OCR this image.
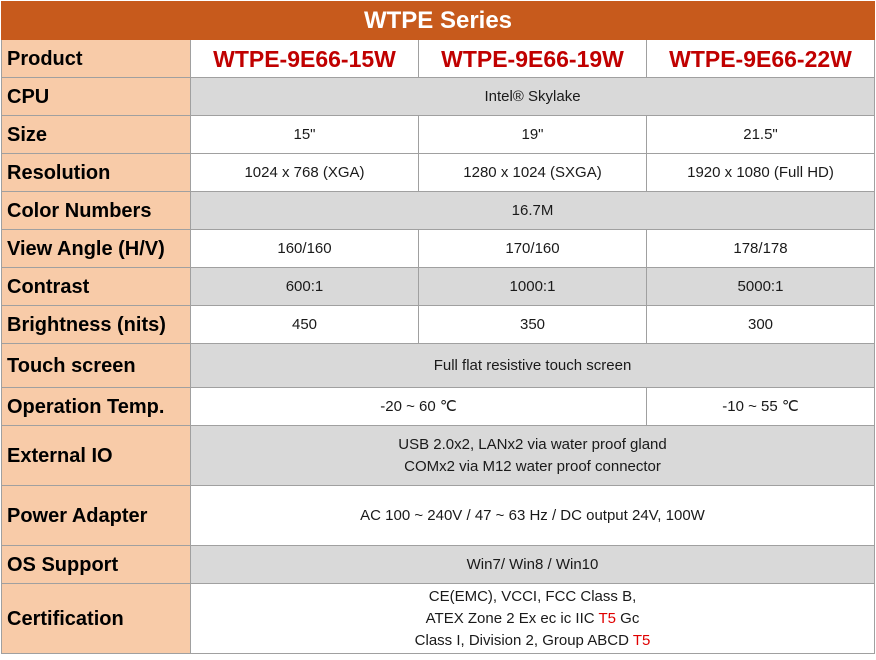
WTPE Series			
Product	WTPE-9E66-15W	WTPE-9E66-19W	WTPE-9E66-22W
CPU	Intel® Skylake		
Size	15"	19"	21.5"
Resolution	1024 x 768 (XGA)	1280 x 1024 (SXGA)	1920 x 1080 (Full HD)
Color Numbers	16.7M		
View Angle (H/V)	160/160	170/160	178/178
Contrast	600:1	1000:1	5000:1
Brightness (nits)	450	350	300
Touch screen	Full flat resistive touch screen		
Operation Temp.	-20 ~ 60 ℃		-10 ~ 55 ℃
External IO	USB 2.0x2, LANx2 via water proof gland
COMx2 via M12 water proof connector		

Power Adapter	AC 100 ~ 240V / 47 ~ 63 Hz / DC output 24V, 100W		
OS Support	Win7/ Win8 / Win10		
Certification	CE(EMC), VCCI, FCC Class B,
ATEX Zone 2 Ex ec ic IIC T5 Gc
Class I, Division 2, Group ABCD T5		
